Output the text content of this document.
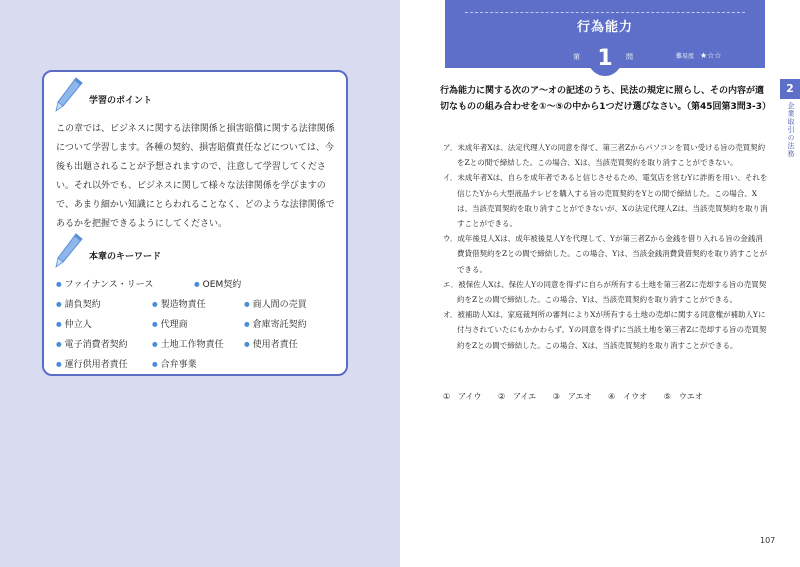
学習のポイント
この章では、ビジネスに関する法律関係と損害賠償に関する法律関係について学習します。各種の契約、損害賠償責任などについては、今後も出題されることが予想されますので、注意して学習してください。それ以外でも、ビジネスに関して様々な法律関係を学びますので、あまり細かい知識にとらわれることなく、どのような法律関係であるかを把握できるようにしてください。
本章のキーワード
● ファイナンス・リース	● OEM契約
● 請負契約	● 製造物責任	● 商人間の売買
● 仲立人	● 代理商	● 倉庫寄託契約
● 電子消費者契約	● 土地工作物責任	● 使用者責任
● 運行供用者責任	● 合弁事業
行為能力
第 1	問	難易度 ★☆☆
行為能力に関する次のア～オの記述のうち、民法の規定に照らし、その内容が適切なものの組み合わせを①～⑤の中から1つだけ選びなさい。（第45回第3問3-3）
ア．未成年者Xは、法定代理人Yの同意を得て、第三者Zからパソコンを買い受ける旨の売買契約をZとの間で締結した。この場合、Xは、当該売買契約を取り消すことができない。
イ．未成年者Xは、自らを成年者であると信じさせるため、電気店を営むYに詐術を用い、それを信じたYから大型液晶テレビを購入する旨の売買契約をYとの間で締結した。この場合、Xは、当該売買契約を取り消すことができないが、Xの法定代理人Zは、当該売買契約を取り消すことができる。
ウ．成年後見人Xは、成年被後見人Yを代理して、Yが第三者Zから金銭を借り入れる旨の金銭消費貸借契約をZとの間で締結した。この場合、Yは、当該金銭消費貸借契約を取り消すことができる。
エ．被保佐人Xは、保佐人Yの同意を得ずに自らが所有する土地を第三者Zに売却する旨の売買契約をZとの間で締結した。この場合、Yは、当該売買契約を取り消すことができる。
オ．被補助人Xは、家庭裁判所の審判によりXが所有する土地の売却に関する同意権が補助人Yに付与されていたにもかかわらず、Yの同意を得ずに当該土地を第三者Zに売却する旨の売買契約をZとの間で締結した。この場合、Xは、当該売買契約を取り消すことができる。
① アイウ ② アイエ ③ アエオ ④ イウオ ⑤ ウエオ
2
企業取引の法務
107
